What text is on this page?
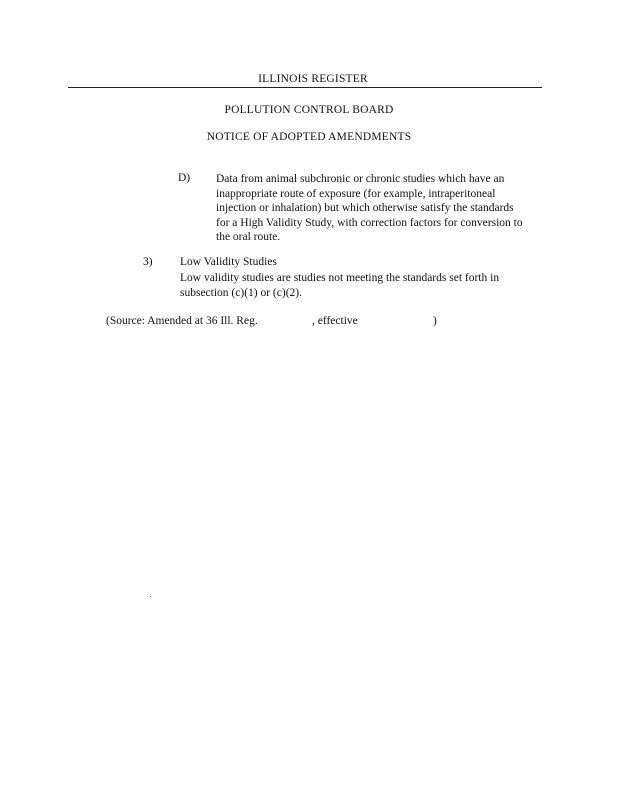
ILLINOIS REGISTER
POLLUTION CONTROL BOARD
NOTICE OF ADOPTED AMENDMENTS
D) Data from animal subchronic or chronic studies which have an
inappropriate route of exposure (for example, intraperitoneal
injection or inhalation) but which otherwise satisfy the standards
for a High Validity Study, with correction factors for conversion to
the oral route.
3) Low Validity Studies
Low validity studies are studies not meeting the standards set forth in
subsection (c)(1) or (c)(2).
(Source: Amended at 36 Ill. Reg.	, effective	)
